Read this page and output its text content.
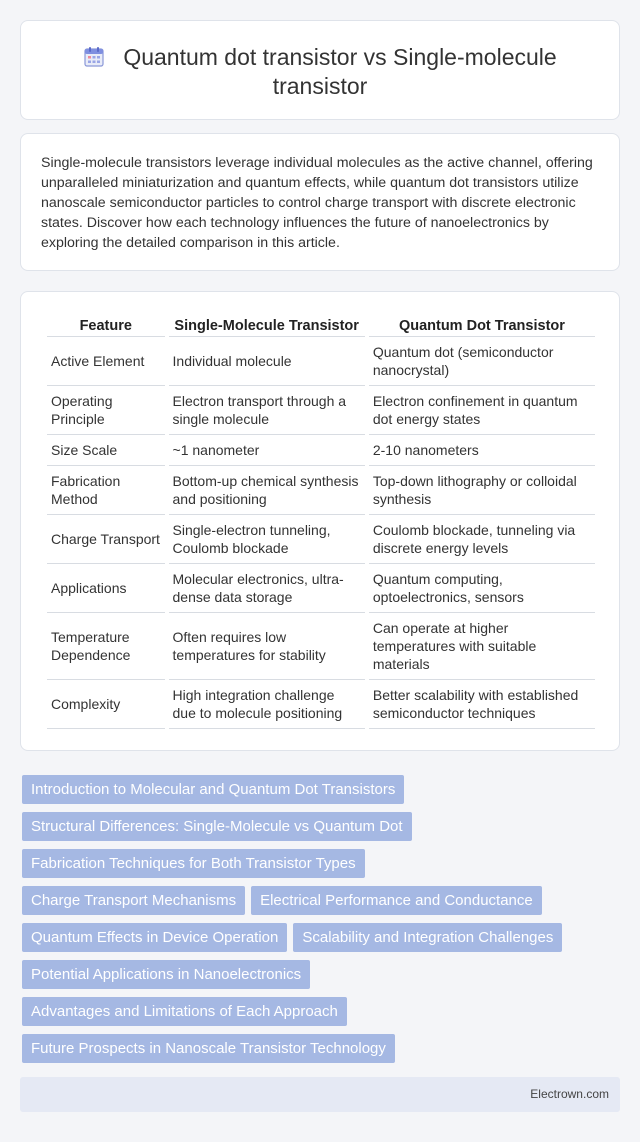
Quantum dot transistor vs Single-molecule transistor

Single-molecule transistors leverage individual molecules as the active channel, offering unparalleled miniaturization and quantum effects, while quantum dot transistors utilize nanoscale semiconductor particles to control charge transport with discrete electronic states. Discover how each technology influences the future of nanoelectronics by exploring the detailed comparison in this article.

Feature	Single-Molecule Transistor	Quantum Dot Transistor
Active Element	Individual molecule	Quantum dot (semiconductor nanocrystal)
Operating Principle	Electron transport through a single molecule	Electron confinement in quantum dot energy states
Size Scale	~1 nanometer	2-10 nanometers
Fabrication Method	Bottom-up chemical synthesis and positioning	Top-down lithography or colloidal synthesis
Charge Transport	Single-electron tunneling, Coulomb blockade	Coulomb blockade, tunneling via discrete energy levels
Applications	Molecular electronics, ultra-dense data storage	Quantum computing, optoelectronics, sensors
Temperature Dependence	Often requires low temperatures for stability	Can operate at higher temperatures with suitable materials
Complexity	High integration challenge due to molecule positioning	Better scalability with established semiconductor techniques
Introduction to Molecular and Quantum Dot Transistors
Structural Differences: Single-Molecule vs Quantum Dot
Fabrication Techniques for Both Transistor Types
Charge Transport Mechanisms Electrical Performance and Conductance
Quantum Effects in Device Operation Scalability and Integration Challenges
Potential Applications in Nanoelectronics
Advantages and Limitations of Each Approach
Future Prospects in Nanoscale Transistor Technology
Electrown.com
